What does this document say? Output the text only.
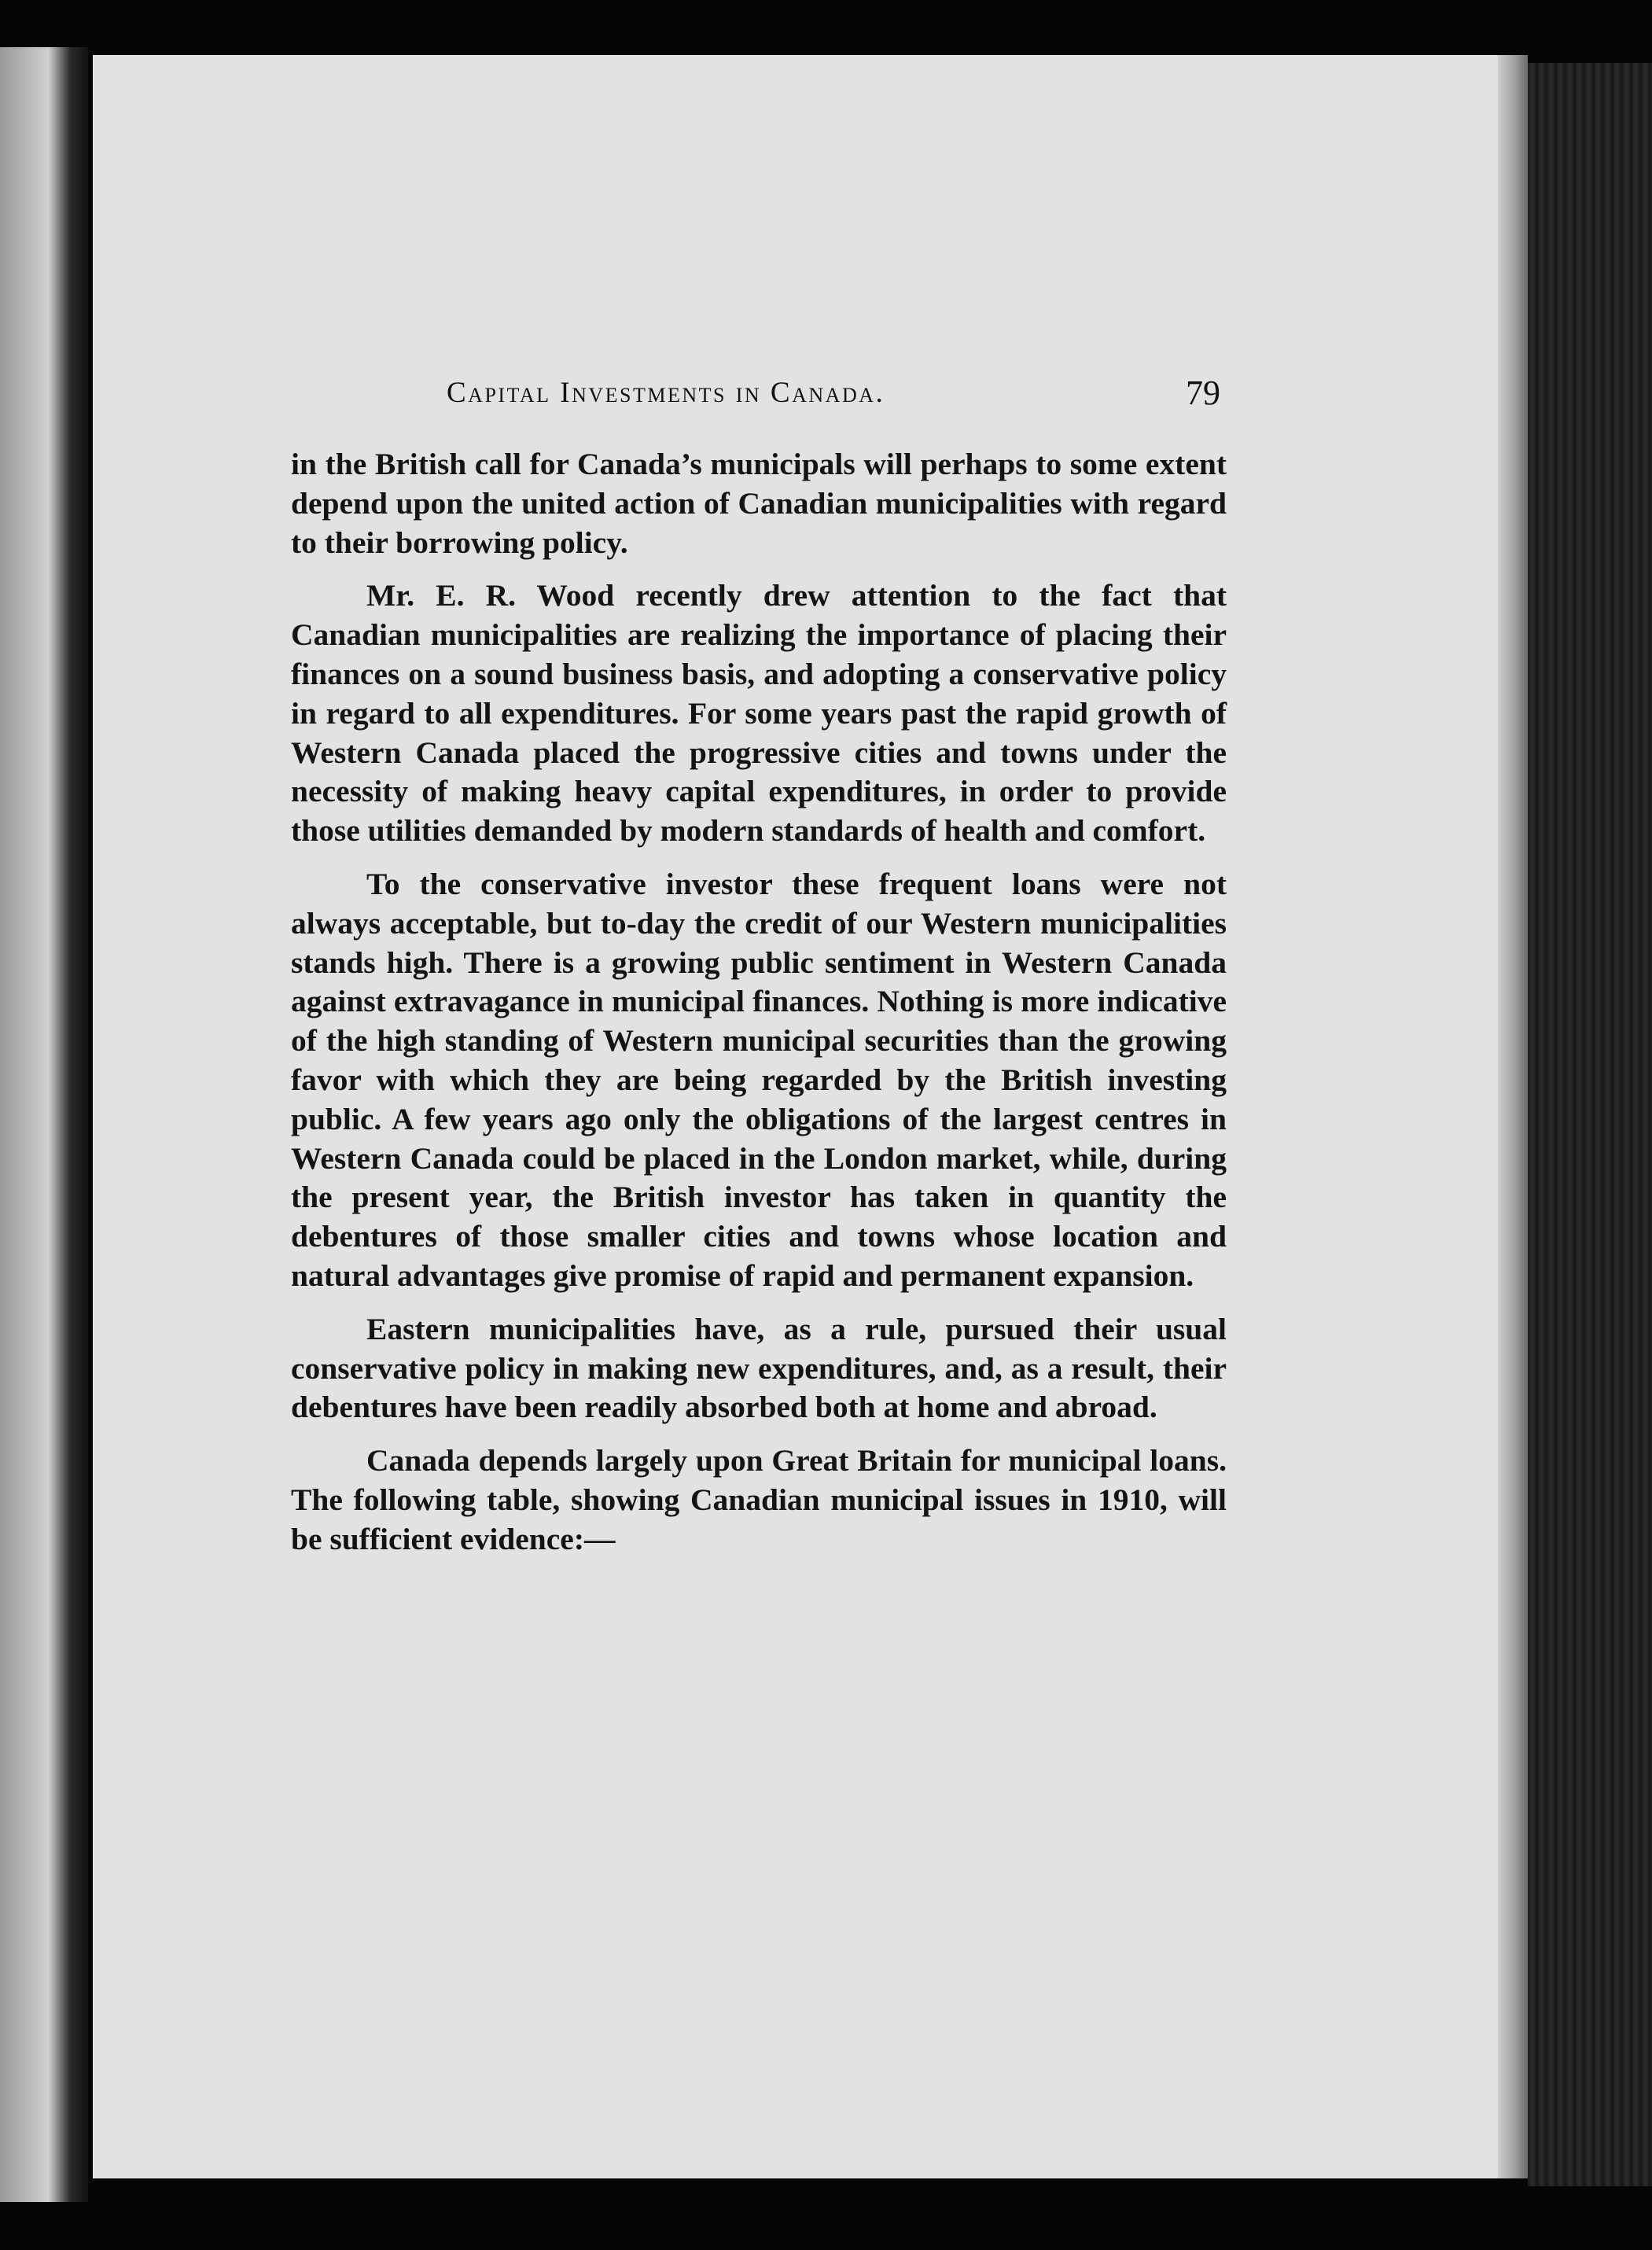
Capital Investments in Canada.	79

in the British call for Canada’s municipals will perhaps to some extent depend upon the united action of Canadian municipalities with regard to their borrowing policy.

Mr. E. R. Wood recently drew attention to the fact that Canadian municipalities are realizing the importance of placing their finances on a sound business basis, and adopting a conservative policy in regard to all expenditures. For some years past the rapid growth of Western Canada placed the progressive cities and towns under the necessity of making heavy capital expenditures, in order to provide those utilities demanded by modern standards of health and comfort.

To the conservative investor these frequent loans were not always acceptable, but to-day the credit of our Western municipalities stands high. There is a growing public sentiment in Western Canada against extravagance in municipal finances. Nothing is more indicative of the high standing of Western municipal securities than the growing favor with which they are being regarded by the British investing public. A few years ago only the obligations of the largest centres in Western Canada could be placed in the London market, while, during the present year, the British investor has taken in quantity the debentures of those smaller cities and towns whose location and natural advantages give promise of rapid and permanent expansion.

Eastern municipalities have, as a rule, pursued their usual conservative policy in making new expenditures, and, as a result, their debentures have been readily absorbed both at home and abroad.

Canada depends largely upon Great Britain for municipal loans. The following table, showing Canadian municipal issues in 1910, will be sufficient evidence:—
